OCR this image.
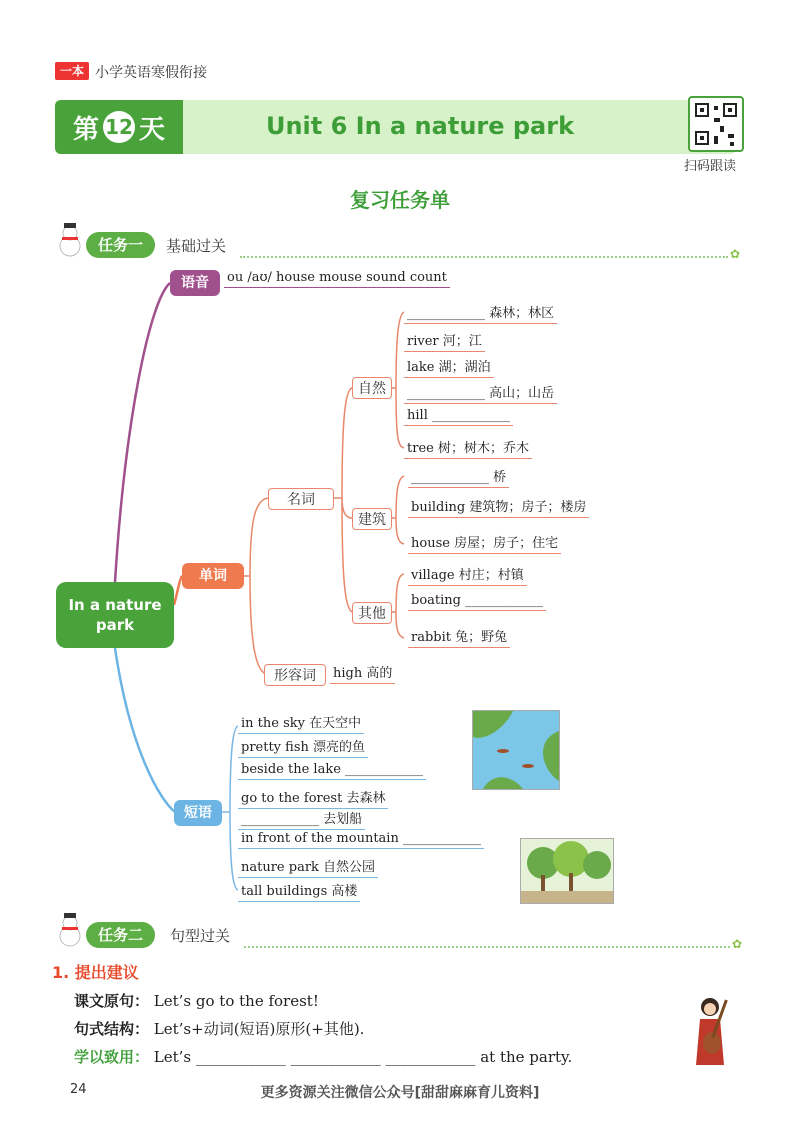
一本 小学英语寒假衔接
第 12 天	Unit 6 In a nature park
扫码跟读
复习任务单
任务一	基础过关	✿
In a nature park
语音	ou /aʊ/ house mouse sound count
单词
短语
名词
形容词
自然
建筑
其他
____________ 森林；林区
river 河；江
lake 湖；湖泊
____________ 高山；山岳
hill ____________
tree 树；树木；乔木
____________ 桥
building 建筑物；房子；楼房
house 房屋；房子；住宅
village 村庄；村镇
boating ____________
rabbit 兔；野兔
high 高的
in the sky 在天空中
pretty fish 漂亮的鱼
beside the lake ____________
go to the forest 去森林
____________ 去划船
in front of the mountain ____________
nature park 自然公园
tall buildings 高楼
任务二	句型过关	✿
1. 提出建议
课文原句： Let’s go to the forest!
句式结构： Let’s+动词(短语)原形(+其他).
学以致用： Let’s ____________ ____________ ____________ at the party.
24	更多资源关注微信公众号[甜甜麻麻育儿资料]
